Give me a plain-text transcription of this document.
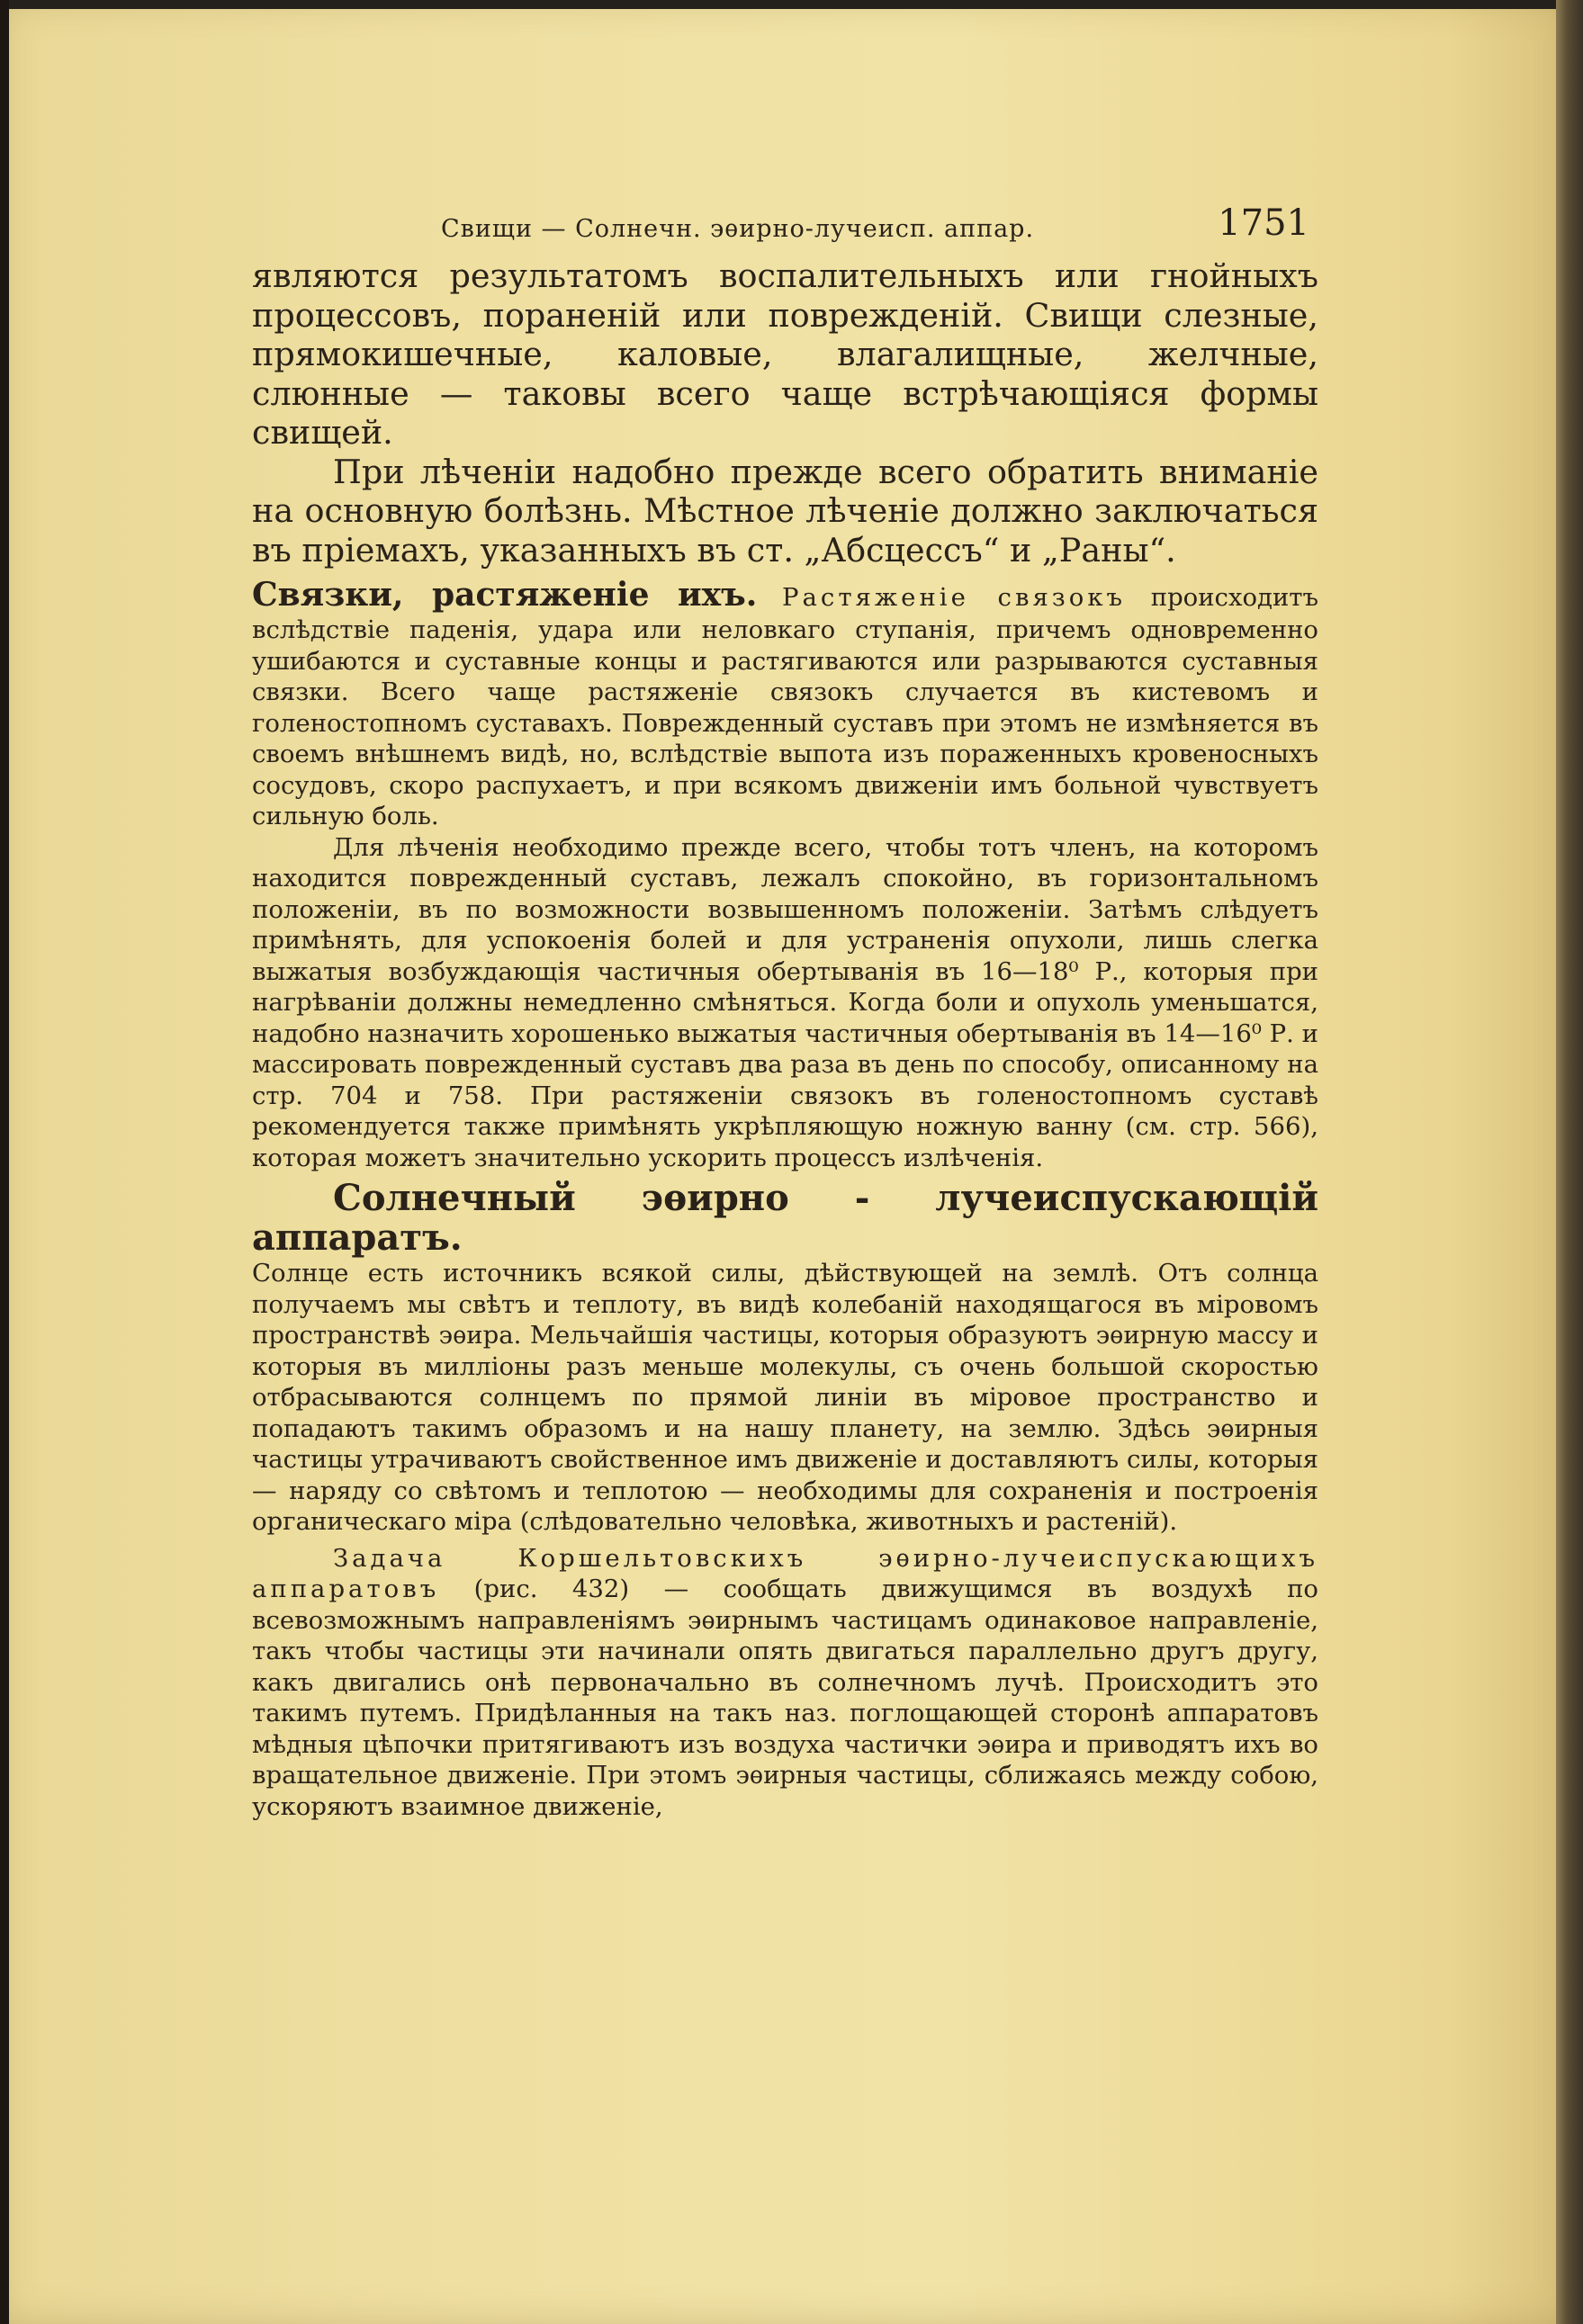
Свищи — Солнечн. эѳирно-лучеисп. аппар.	1751

являются результатомъ воспалительныхъ или гнойныхъ процессовъ, пораненій или поврежденій. Свищи слезные, прямокишечные, каловые, влагалищные, желчные, слюнные — таковы всего чаще встрѣчающіяся формы свищей.

При лѣченіи надобно прежде всего обратить вниманіе на основную болѣзнь. Мѣстное лѣченіе должно заключаться въ пріемахъ, указанныхъ въ ст. „Абсцессъ“ и „Раны“.

Связки, растяженіе ихъ. Растяженіе связокъ происходитъ вслѣдствіе паденія, удара или неловкаго ступанія, причемъ одновременно ушибаются и суставные концы и растягиваются или разрываются суставныя связки. Всего чаще растяженіе связокъ случается въ кистевомъ и голеностопномъ суставахъ. Поврежденный суставъ при этомъ не измѣняется въ своемъ внѣшнемъ видѣ, но, вслѣдствіе выпота изъ пораженныхъ кровеносныхъ сосудовъ, скоро распухаетъ, и при всякомъ движеніи имъ больной чувствуетъ сильную боль.

Для лѣченія необходимо прежде всего, чтобы тотъ членъ, на которомъ находится поврежденный суставъ, лежалъ спокойно, въ горизонтальномъ положеніи, въ по возможности возвышенномъ положеніи. Затѣмъ слѣдуетъ примѣнять, для успокоенія болей и для устраненія опухоли, лишь слегка выжатыя возбуждающія частичныя обертыванія въ 16—18⁰ Р., которыя при нагрѣваніи должны немедленно смѣняться. Когда боли и опухоль уменьшатся, надобно назначить хорошенько выжатыя частичныя обертыванія въ 14—16⁰ Р. и массировать поврежденный суставъ два раза въ день по способу, описанному на стр. 704 и 758. При растяженіи связокъ въ голеностопномъ суставѣ рекомендуется также примѣнять укрѣпляющую ножную ванну (см. стр. 566), которая можетъ значительно ускорить процессъ излѣченія.

Солнечный эѳирно - лучеиспускающій аппаратъ.

Солнце есть источникъ всякой силы, дѣйствующей на землѣ. Отъ солнца получаемъ мы свѣтъ и теплоту, въ видѣ колебаній находящагося въ міровомъ пространствѣ эѳира. Мельчайшія частицы, которыя образуютъ эѳирную массу и которыя въ милліоны разъ меньше молекулы, съ очень большой скоростью отбрасываются солнцемъ по прямой линіи въ міровое пространство и попадаютъ такимъ образомъ и на нашу планету, на землю. Здѣсь эѳирныя частицы утрачиваютъ свойственное имъ движеніе и доставляютъ силы, которыя — наряду со свѣтомъ и теплотою — необходимы для сохраненія и построенія органическаго міра (слѣдовательно человѣка, животныхъ и растеній).

Задача Коршельтовскихъ эѳирно-лучеиспускающихъ аппаратовъ (рис. 432) — сообщать движущимся въ воздухѣ по всевозможнымъ направленіямъ эѳирнымъ частицамъ одинаковое направленіе, такъ чтобы частицы эти начинали опять двигаться параллельно другъ другу, какъ двигались онѣ первоначально въ солнечномъ лучѣ. Происходитъ это такимъ путемъ. Придѣланныя на такъ наз. поглощающей сторонѣ аппаратовъ мѣдныя цѣпочки притягиваютъ изъ воздуха частички эѳира и приводятъ ихъ во вращательное движеніе. При этомъ эѳирныя частицы, сближаясь между собою, ускоряютъ взаимное движеніе,
